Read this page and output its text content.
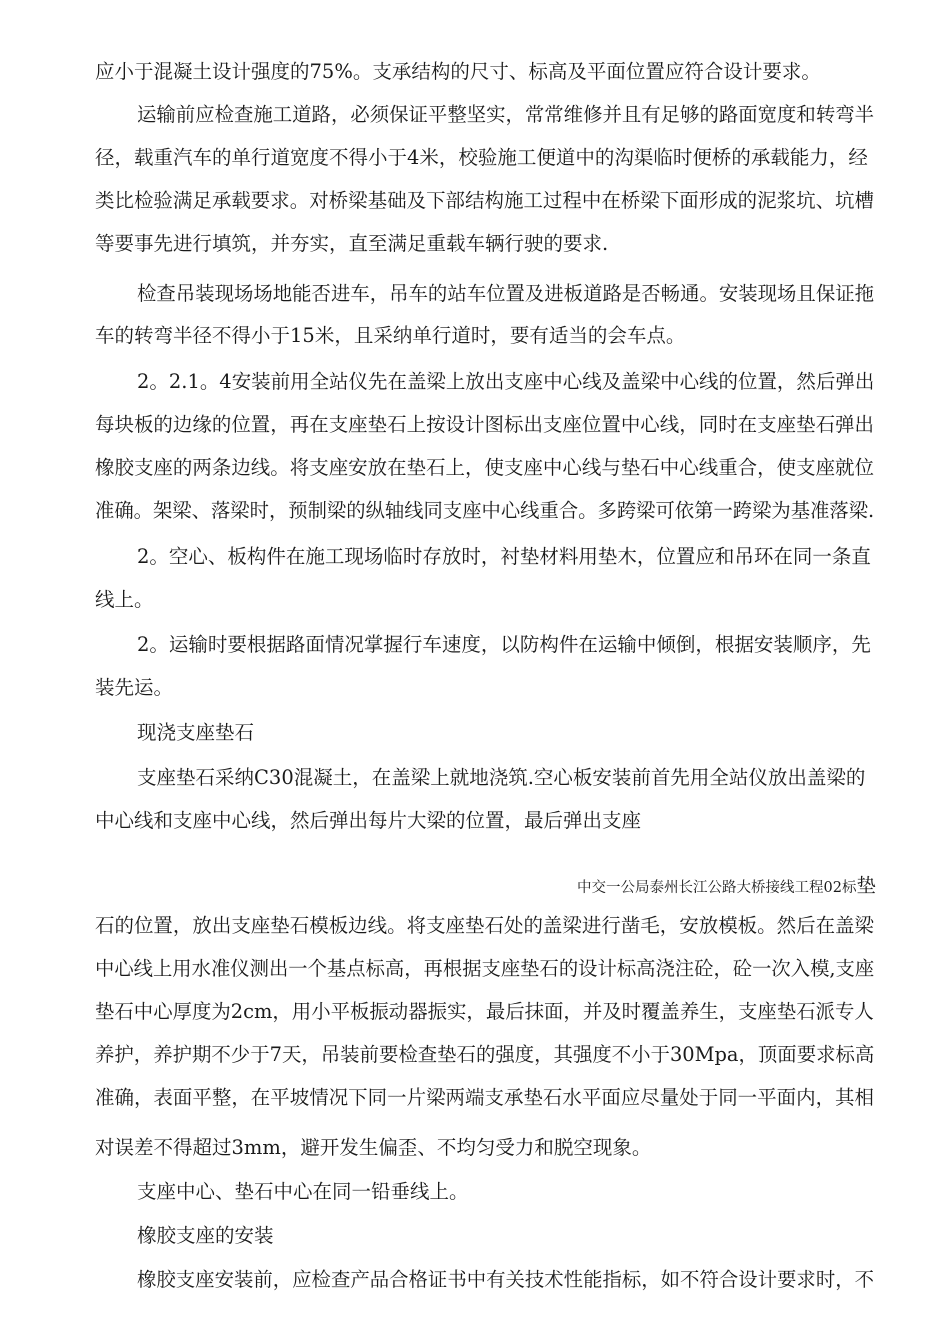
应小于混凝土设计强度的75%。支承结构的尺寸、标高及平面位置应符合设计要求。
运输前应检查施工道路，必须保证平整坚实，常常维修并且有足够的路面宽度和转弯半
径，载重汽车的单行道宽度不得小于4米，校验施工便道中的沟渠临时便桥的承载能力，经
类比检验满足承载要求。对桥梁基础及下部结构施工过程中在桥梁下面形成的泥浆坑、坑槽
等要事先进行填筑，并夯实，直至满足重载车辆行驶的要求.
检查吊装现场场地能否进车，吊车的站车位置及进板道路是否畅通。安装现场且保证拖
车的转弯半径不得小于15米，且采纳单行道时，要有适当的会车点。
2。2.1。4安装前用全站仪先在盖梁上放出支座中心线及盖梁中心线的位置，然后弹出
每块板的边缘的位置，再在支座垫石上按设计图标出支座位置中心线，同时在支座垫石弹出
橡胶支座的两条边线。将支座安放在垫石上，使支座中心线与垫石中心线重合，使支座就位
准确。架梁、落梁时，预制梁的纵轴线同支座中心线重合。多跨梁可依第一跨梁为基准落梁.
2。空心、板构件在施工现场临时存放时，衬垫材料用垫木，位置应和吊环在同一条直
线上。
2。运输时要根据路面情况掌握行车速度，以防构件在运输中倾倒，根据安装顺序，先
装先运。
现浇支座垫石
支座垫石采纳C30混凝土，在盖梁上就地浇筑.空心板安装前首先用全站仪放出盖梁的
中心线和支座中心线，然后弹出每片大梁的位置，最后弹出支座
中交一公局泰州长江公路大桥接线工程02标垫
石的位置，放出支座垫石模板边线。将支座垫石处的盖梁进行凿毛，安放模板。然后在盖梁
中心线上用水准仪测出一个基点标高，再根据支座垫石的设计标高浇注砼，砼一次入模,支座
垫石中心厚度为2cm，用小平板振动器振实，最后抹面，并及时覆盖养生，支座垫石派专人
养护，养护期不少于7天，吊装前要检查垫石的强度，其强度不小于30Mpa，顶面要求标高
准确，表面平整，在平坡情况下同一片梁两端支承垫石水平面应尽量处于同一平面内，其相
对误差不得超过3mm，避开发生偏歪、不均匀受力和脱空现象。
支座中心、垫石中心在同一铅垂线上。
橡胶支座的安装
橡胶支座安装前，应检查产品合格证书中有关技术性能指标，如不符合设计要求时，不
